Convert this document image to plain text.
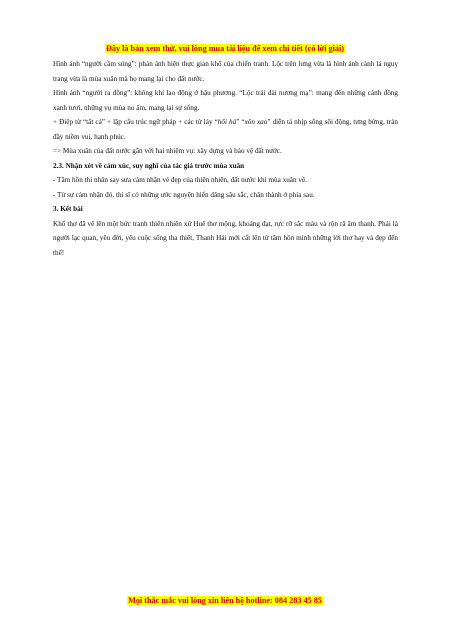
Đây là bản xem thử, vui lòng mua tài liệu để xem chi tiết (có lời giải)

Hình ảnh “người cầm súng”: phản ánh hiện thực gian khổ của chiến tranh. Lộc trên lưng vừa là hình ảnh cành lá nguỵ trang vừa là mùa xuân mà họ mang lại cho đất nước.

Hình ảnh “người ra đồng”: không khí lao động ở hậu phương. “Lộc trải dài nương mạ”: mang đến những cánh đồng xanh tươi, những vụ mùa no ấm, mang lại sự sống.

+ Điệp từ “tất cả” + lặp cấu trúc ngữ pháp + các từ láy “hối hả” “xôn xao” diễn tả nhịp sống sôi động, tưng bừng, tràn đầy niềm vui, hạnh phúc.

=> Mùa xuân của đất nước gắn với hai nhiệm vụ: xây dựng và bảo vệ đất nước.

2.3. Nhận xét về cảm xúc, suy nghĩ của tác giả trước mùa xuân

- Tâm hồn thi nhân say sưa cảm nhận vẻ đẹp của thiên nhiên, đất nước khi mùa xuân về.

- Từ sự cảm nhận đó, thi sĩ có những ước nguyện hiến dâng sâu sắc, chân thành ở phía sau.

3. Kết bài

Khổ thơ đã vẽ lên một bức tranh thiên nhiên xứ Huế thơ mộng, khoáng đạt, rực rỡ sắc màu và rộn rã âm thanh. Phải là người lạc quan, yêu đời, yêu cuộc sống tha thiết, Thanh Hải mới cất lên từ tâm hồn mình những lời thơ hay và đẹp đến thế!

Mọi thắc mắc vui lòng xin liên hệ hotline: 084 283 45 85
